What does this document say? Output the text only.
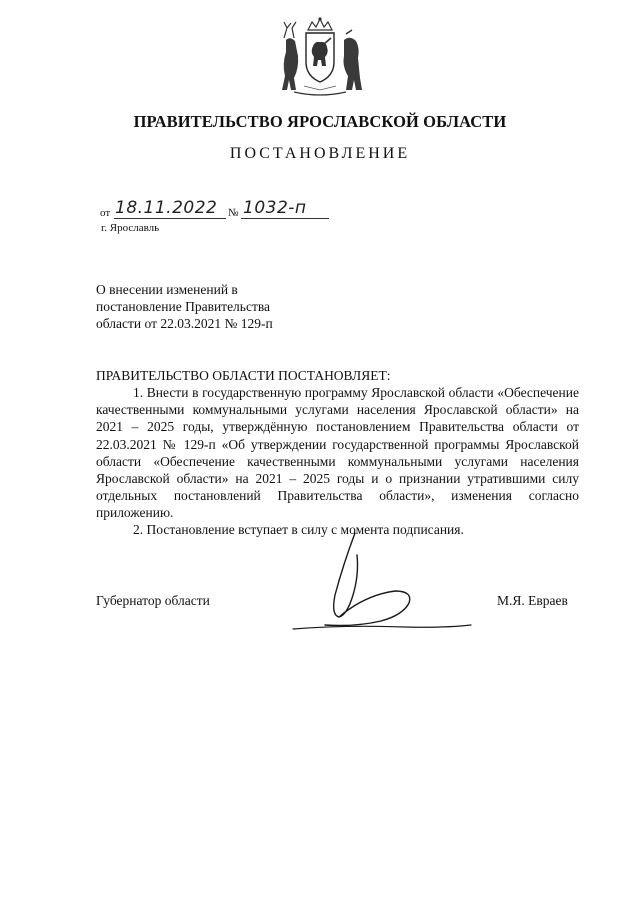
ПРАВИТЕЛЬСТВО ЯРОСЛАВСКОЙ ОБЛАСТИ
ПОСТАНОВЛЕНИЕ
от 18.11.2022 № 1032-п
г. Ярославль
О внесении изменений в
постановление Правительства
области от 22.03.2021 № 129-п
ПРАВИТЕЛЬСТВО ОБЛАСТИ ПОСТАНОВЛЯЕТ:
1. Внести в государственную программу Ярославской области «Обеспечение качественными коммунальными услугами населения Ярославской области» на 2021 – 2025 годы, утверждённую постановлением Правительства области от 22.03.2021 № 129-п «Об утверждении государственной программы Ярославской области «Обеспечение качественными коммунальными услугами населения Ярославской области» на 2021 – 2025 годы и о признании утратившими силу отдельных постановлений Правительства области», изменения согласно приложению.
2. Постановление вступает в силу с момента подписания.
Губернатор области	М.Я. Евраев
